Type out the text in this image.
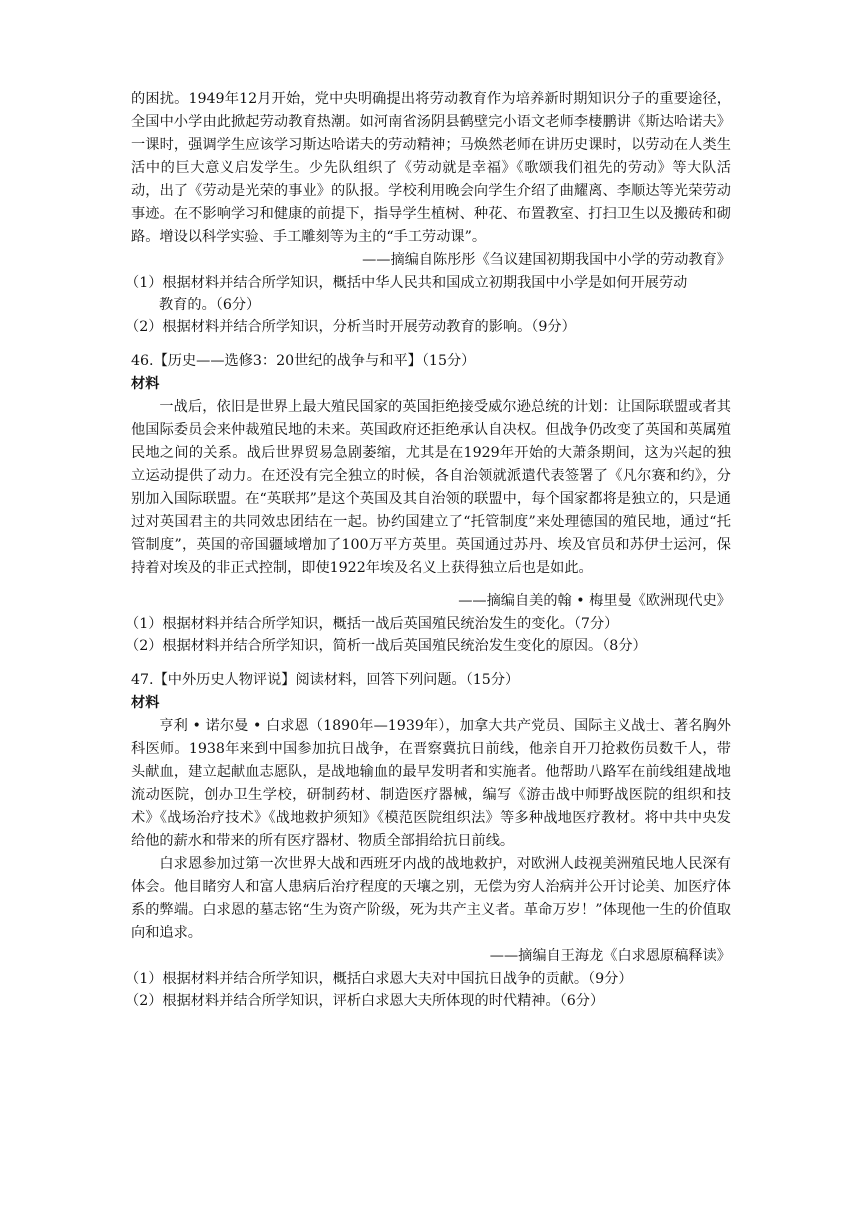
的困扰。1949年12月开始，党中央明确提出将劳动教育作为培养新时期知识分子的重要途径，全国中小学由此掀起劳动教育热潮。如河南省汤阴县鹤壁完小语文老师李棲鹏讲《斯达哈诺夫》一课时，强调学生应该学习斯达哈诺夫的劳动精神；马焕然老师在讲历史课时，以劳动在人类生活中的巨大意义启发学生。少先队组织了《劳动就是幸福》《歌颂我们祖先的劳动》等大队活动，出了《劳动是光荣的事业》的队报。学校利用晚会向学生介绍了曲耀离、李顺达等光荣劳动事迹。在不影响学习和健康的前提下，指导学生植树、种花、布置教室、打扫卫生以及搬砖和砌路。增设以科学实验、手工雕刻等为主的“手工劳动课”。

——摘编自陈彤彤《刍议建国初期我国中小学的劳动教育》

（1）根据材料并结合所学知识，概括中华人民共和国成立初期我国中小学是如何开展劳动
教育的。（6分）

（2）根据材料并结合所学知识，分析当时开展劳动教育的影响。（9分）

46.【历史——选修3：20世纪的战争与和平】（15分）

材料

一战后，依旧是世界上最大殖民国家的英国拒绝接受威尔逊总统的计划：让国际联盟或者其他国际委员会来仲裁殖民地的未来。英国政府还拒绝承认自决权。但战争仍改变了英国和英属殖民地之间的关系。战后世界贸易急剧萎缩，尤其是在1929年开始的大萧条期间，这为兴起的独立运动提供了动力。在还没有完全独立的时候，各自治领就派遣代表签署了《凡尔赛和约》，分别加入国际联盟。在“英联邦”是这个英国及其自治领的联盟中，每个国家都将是独立的，只是通过对英国君主的共同效忠团结在一起。协约国建立了“托管制度”来处理德国的殖民地，通过“托管制度”，英国的帝国疆域增加了100万平方英里。英国通过苏丹、埃及官员和苏伊士运河，保持着对埃及的非正式控制，即使1922年埃及名义上获得独立后也是如此。

——摘编自美的翰 • 梅里曼《欧洲现代史》

（1）根据材料并结合所学知识，概括一战后英国殖民统治发生的变化。（7分）

（2）根据材料并结合所学知识，简析一战后英国殖民统治发生变化的原因。（8分）

47.【中外历史人物评说】阅读材料，回答下列问题。（15分）

材料

亨利 • 诺尔曼 • 白求恩（1890年—1939年），加拿大共产党员、国际主义战士、著名胸外科医师。1938年来到中国参加抗日战争，在晋察冀抗日前线，他亲自开刀抢救伤员数千人，带头献血，建立起献血志愿队，是战地输血的最早发明者和实施者。他帮助八路军在前线组建战地流动医院，创办卫生学校，研制药材、制造医疗器械，编写《游击战中师野战医院的组织和技术》《战场治疗技术》《战地救护须知》《模范医院组织法》等多种战地医疗教材。将中共中央发给他的薪水和带来的所有医疗器材、物质全部捐给抗日前线。

白求恩参加过第一次世界大战和西班牙内战的战地救护，对欧洲人歧视美洲殖民地人民深有体会。他目睹穷人和富人患病后治疗程度的天壤之别，无偿为穷人治病并公开讨论美、加医疗体系的弊端。白求恩的墓志铭“生为资产阶级，死为共产主义者。革命万岁！”体现他一生的价值取向和追求。

——摘编自王海龙《白求恩原稿释读》

（1）根据材料并结合所学知识，概括白求恩大夫对中国抗日战争的贡献。（9分）

（2）根据材料并结合所学知识，评析白求恩大夫所体现的时代精神。（6分）
